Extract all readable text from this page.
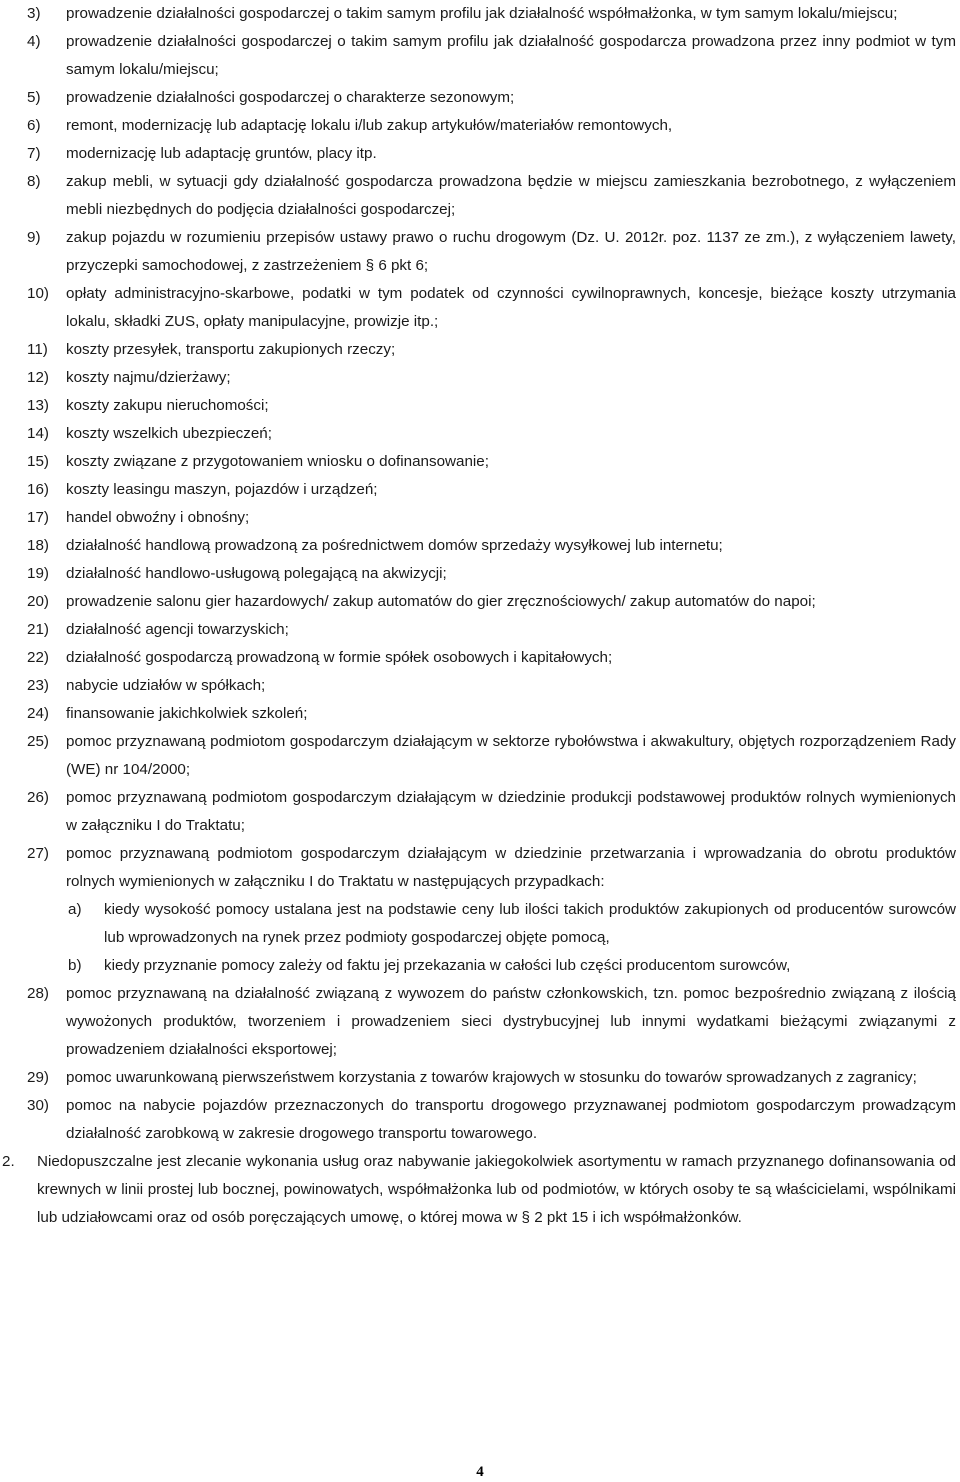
3)	prowadzenie działalności gospodarczej o takim samym profilu jak działalność współmałżonka, w tym samym lokalu/miejscu;
4)	prowadzenie działalności gospodarczej o takim samym profilu jak działalność gospodarcza prowadzona przez inny podmiot w tym samym lokalu/miejscu;
5)	prowadzenie działalności gospodarczej o charakterze sezonowym;
6)	remont, modernizację lub adaptację lokalu i/lub zakup artykułów/materiałów remontowych,
7)	modernizację lub adaptację gruntów, placy itp.
8)	zakup mebli, w sytuacji gdy działalność gospodarcza prowadzona będzie w miejscu zamieszkania bezrobotnego, z wyłączeniem mebli niezbędnych do podjęcia działalności gospodarczej;
9)	zakup pojazdu w rozumieniu przepisów ustawy prawo o ruchu drogowym (Dz. U. 2012r. poz. 1137 ze zm.), z wyłączeniem lawety, przyczepki samochodowej, z zastrzeżeniem § 6 pkt 6;
10)	opłaty administracyjno-skarbowe, podatki w tym podatek od czynności cywilnoprawnych, koncesje, bieżące koszty utrzymania lokalu, składki ZUS, opłaty manipulacyjne, prowizje itp.;
11)	koszty przesyłek, transportu zakupionych rzeczy;
12)	koszty najmu/dzierżawy;
13)	koszty zakupu nieruchomości;
14)	koszty wszelkich ubezpieczeń;
15)	koszty związane z przygotowaniem wniosku o dofinansowanie;
16)	koszty leasingu maszyn, pojazdów i urządzeń;
17)	handel obwoźny i obnośny;
18)	działalność handlową prowadzoną za pośrednictwem domów sprzedaży wysyłkowej lub internetu;
19)	działalność handlowo-usługową polegającą na akwizycji;
20)	prowadzenie salonu gier hazardowych/ zakup automatów do gier zręcznościowych/ zakup automatów do napoi;
21)	działalność agencji towarzyskich;
22)	działalność gospodarczą prowadzoną w formie spółek osobowych i kapitałowych;
23)	nabycie udziałów w spółkach;
24)	finansowanie jakichkolwiek szkoleń;
25)	pomoc przyznawaną podmiotom gospodarczym działającym w sektorze rybołówstwa i akwakultury, objętych rozporządzeniem Rady (WE) nr 104/2000;
26)	pomoc przyznawaną podmiotom gospodarczym działającym w dziedzinie produkcji podstawowej produktów rolnych wymienionych w załączniku I do Traktatu;
27)	pomoc przyznawaną podmiotom gospodarczym działającym w dziedzinie przetwarzania i wprowadzania do obrotu produktów rolnych wymienionych w załączniku I do Traktatu w następujących przypadkach:
a)	kiedy wysokość pomocy ustalana jest na podstawie ceny lub ilości takich produktów zakupionych od producentów surowców lub wprowadzonych na rynek przez podmioty gospodarczej objęte pomocą,
b)	kiedy przyznanie pomocy zależy od faktu jej przekazania w całości lub części producentom surowców,
28)	pomoc przyznawaną na działalność związaną z wywozem do państw członkowskich, tzn. pomoc bezpośrednio związaną z ilością wywożonych produktów, tworzeniem i prowadzeniem sieci dystrybucyjnej lub innymi wydatkami bieżącymi związanymi z prowadzeniem działalności eksportowej;
29)	pomoc uwarunkowaną pierwszeństwem korzystania z towarów krajowych w stosunku do towarów sprowadzanych z zagranicy;
30)	pomoc na nabycie pojazdów przeznaczonych do transportu drogowego przyznawanej podmiotom gospodarczym prowadzącym działalność zarobkową w zakresie drogowego transportu towarowego.
2. Niedopuszczalne jest zlecanie wykonania usług oraz nabywanie jakiegokolwiek asortymentu w ramach przyznanego dofinansowania od krewnych w linii prostej lub bocznej, powinowatych, współmałżonka lub od podmiotów, w których osoby te są właścicielami, wspólnikami lub udziałowcami oraz od osób poręczających umowę, o której mowa w § 2 pkt 15 i ich współmałżonków.
4
